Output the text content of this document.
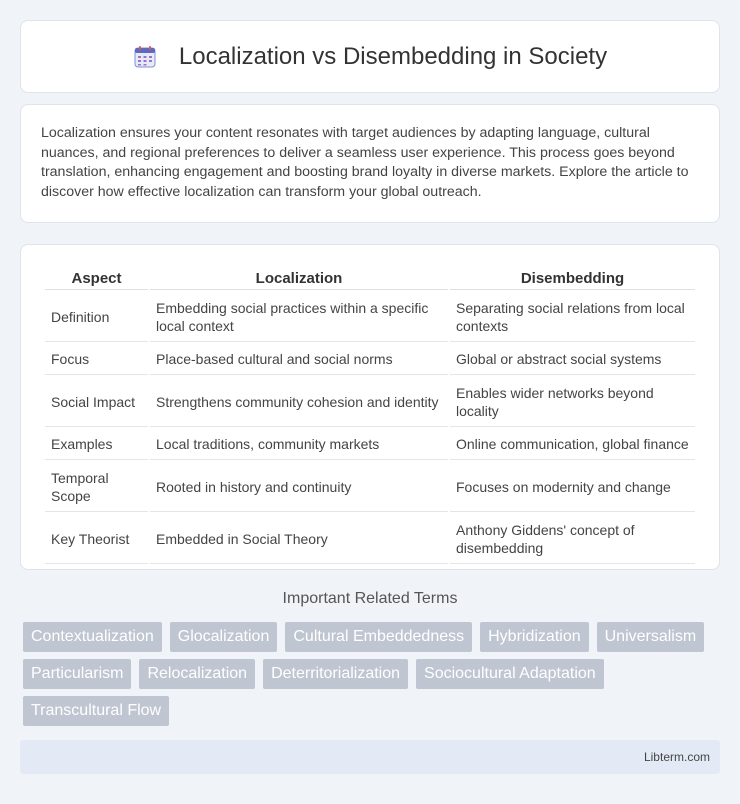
Localization vs Disembedding in Society

Localization ensures your content resonates with target audiences by adapting language, cultural nuances, and regional preferences to deliver a seamless user experience. This process goes beyond translation, enhancing engagement and boosting brand loyalty in diverse markets. Explore the article to discover how effective localization can transform your global outreach.

Aspect	Localization	Disembedding
Definition	Embedding social practices within a specific local context	Separating social relations from local contexts
Focus	Place-based cultural and social norms	Global or abstract social systems
Social Impact	Strengthens community cohesion and identity	Enables wider networks beyond locality
Examples	Local traditions, community markets	Online communication, global finance
Temporal Scope	Rooted in history and continuity	Focuses on modernity and change
Key Theorist	Embedded in Social Theory	Anthony Giddens' concept of disembedding
Important Related Terms
Contextualization	Glocalization	Cultural Embeddedness	Hybridization	Universalism
Particularism	Relocalization	Deterritorialization	Sociocultural Adaptation
Transcultural Flow
Libterm.com
